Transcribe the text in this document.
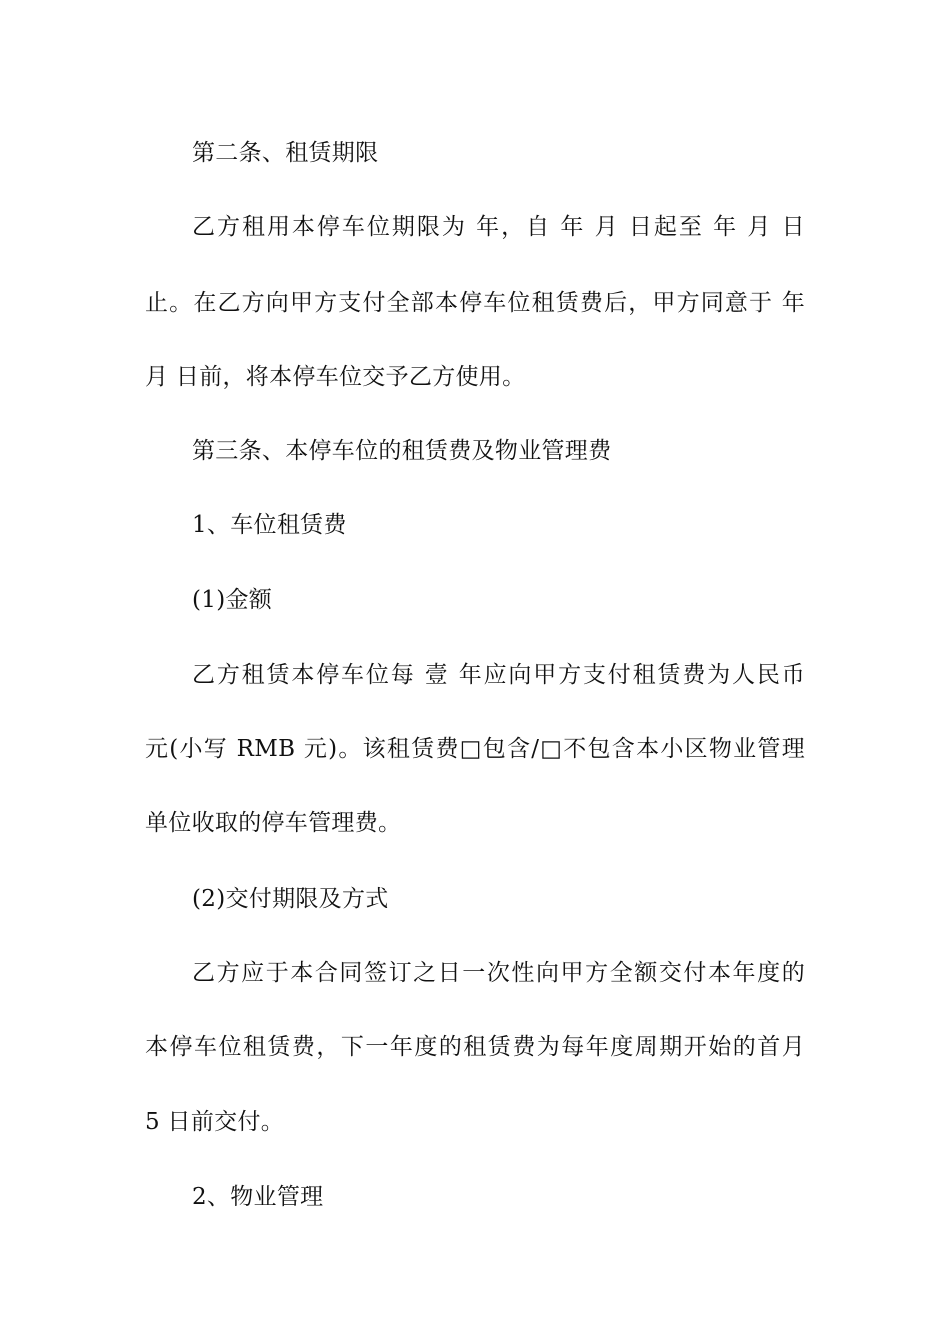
第二条、租赁期限
乙方租用本停车位期限为 年，自 年 月 日起至 年 月 日
止。在乙方向甲方支付全部本停车位租赁费后，甲方同意于 年
月 日前，将本停车位交予乙方使用。
第三条、本停车位的租赁费及物业管理费
1、车位租赁费
(1)金额
乙方租赁本停车位每 壹 年应向甲方支付租赁费为人民币
元(小写 RMB 元)。该租赁费□包含/□不包含本小区物业管理
单位收取的停车管理费。
(2)交付期限及方式
乙方应于本合同签订之日一次性向甲方全额交付本年度的
本停车位租赁费，下一年度的租赁费为每年度周期开始的首月
5 日前交付。
2、物业管理
